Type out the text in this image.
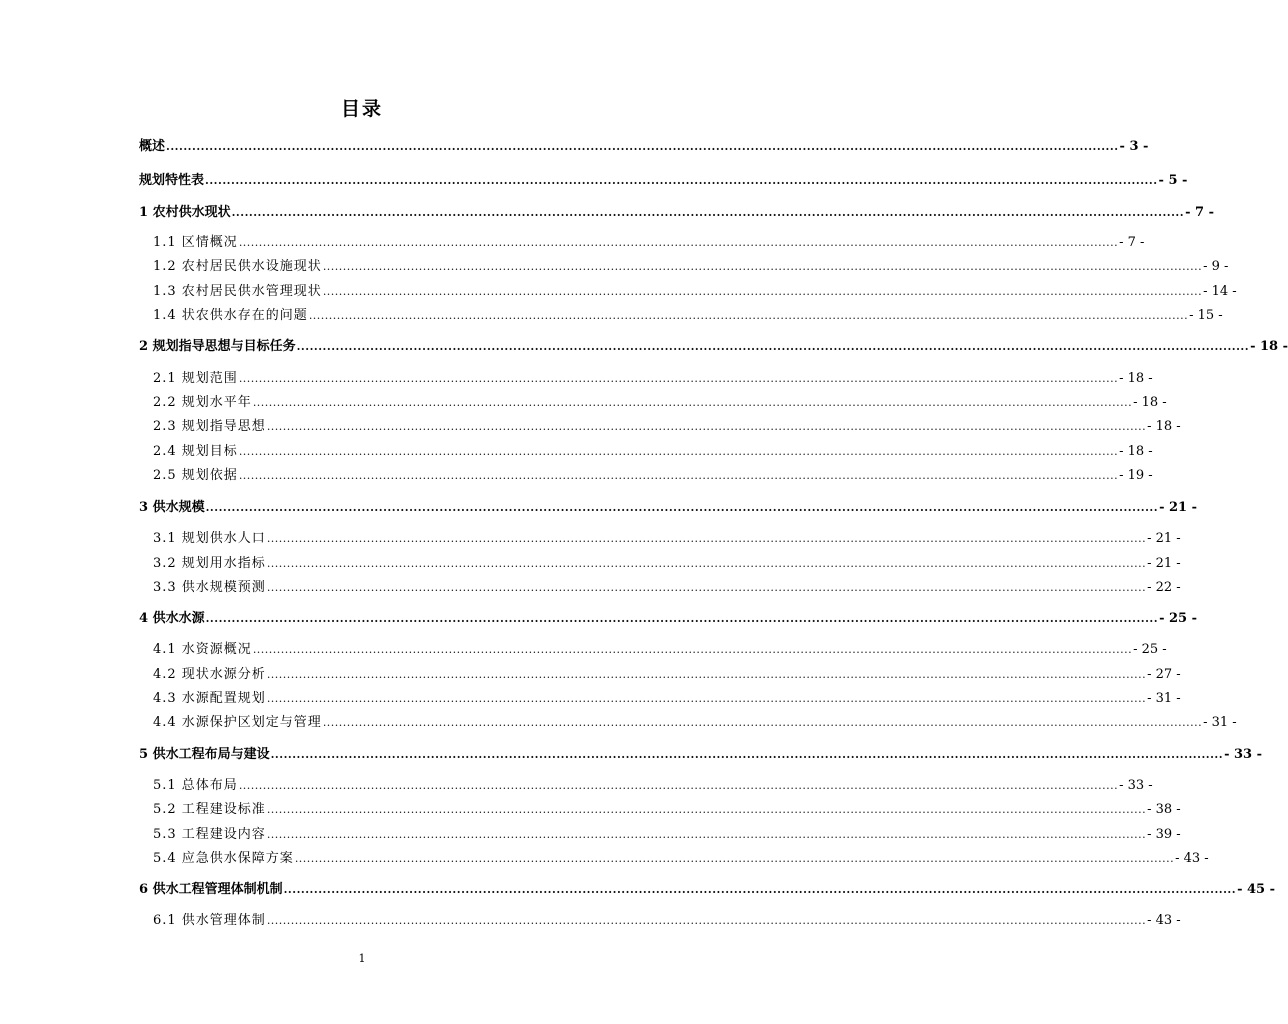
目录
概述 ............................................................................................................................................................................................................................ - 3 -
规划特性表 ............................................................................................................................................................................................................................ - 5 -
1 农村供水现状 ............................................................................................................................................................................................................................ - 7 -
1.1 区情概况 ............................................................................................................................................................................................................................ - 7 -
1.2 农村居民供水设施现状 ............................................................................................................................................................................................................................ - 9 -
1.3 农村居民供水管理现状 ............................................................................................................................................................................................................................ - 14 -
1.4 状农供水存在的问题 ............................................................................................................................................................................................................................ - 15 -
2 规划指导思想与目标任务 ............................................................................................................................................................................................................................ - 18 -
2.1 规划范围 ............................................................................................................................................................................................................................ - 18 -
2.2 规划水平年 ............................................................................................................................................................................................................................ - 18 -
2.3 规划指导思想 ............................................................................................................................................................................................................................ - 18 -
2.4 规划目标 ............................................................................................................................................................................................................................ - 18 -
2.5 规划依据 ............................................................................................................................................................................................................................ - 19 -
3 供水规模 ............................................................................................................................................................................................................................ - 21 -
3.1 规划供水人口 ............................................................................................................................................................................................................................ - 21 -
3.2 规划用水指标 ............................................................................................................................................................................................................................ - 21 -
3.3 供水规模预测 ............................................................................................................................................................................................................................ - 22 -
4 供水水源 ............................................................................................................................................................................................................................ - 25 -
4.1 水资源概况 ............................................................................................................................................................................................................................ - 25 -
4.2 现状水源分析 ............................................................................................................................................................................................................................ - 27 -
4.3 水源配置规划 ............................................................................................................................................................................................................................ - 31 -
4.4 水源保护区划定与管理 ............................................................................................................................................................................................................................ - 31 -
5 供水工程布局与建设 ............................................................................................................................................................................................................................ - 33 -
5.1 总体布局 ............................................................................................................................................................................................................................ - 33 -
5.2 工程建设标准 ............................................................................................................................................................................................................................ - 38 -
5.3 工程建设内容 ............................................................................................................................................................................................................................ - 39 -
5.4 应急供水保障方案 ............................................................................................................................................................................................................................ - 43 -
6 供水工程管理体制机制 ............................................................................................................................................................................................................................ - 45 -
6.1 供水管理体制 ............................................................................................................................................................................................................................ - 43 -
1
